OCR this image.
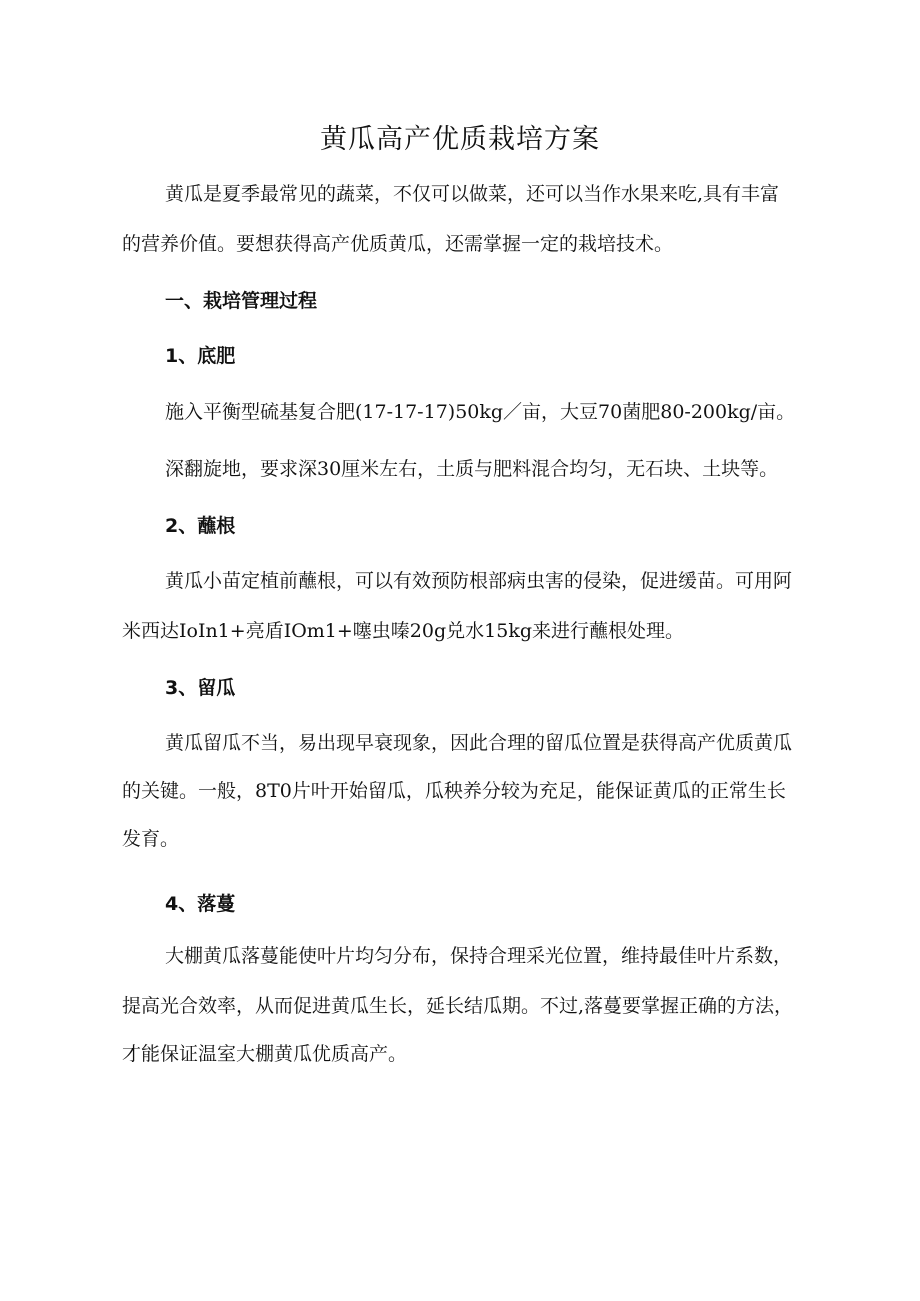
黄瓜高产优质栽培方案
黄瓜是夏季最常见的蔬菜，不仅可以做菜，还可以当作水果来吃,具有丰富
的营养价值。要想获得高产优质黄瓜，还需掌握一定的栽培技术。
一、栽培管理过程
1、底肥
施入平衡型硫基复合肥(17-17-17)50kg／亩，大豆70菌肥80-200kg/亩。
深翻旋地，要求深30厘米左右，土质与肥料混合均匀，无石块、土块等。
2、蘸根
黄瓜小苗定植前蘸根，可以有效预防根部病虫害的侵染，促进缓苗。可用阿
米西达IoIn1+亮盾IOm1+噻虫嗪20g兑水15kg来进行蘸根处理。
3、留瓜
黄瓜留瓜不当，易出现早衰现象，因此合理的留瓜位置是获得高产优质黄瓜
的关键。一般，8T0片叶开始留瓜，瓜秧养分较为充足，能保证黄瓜的正常生长
发育。
4、落蔓
大棚黄瓜落蔓能使叶片均匀分布，保持合理采光位置，维持最佳叶片系数，
提高光合效率，从而促进黄瓜生长，延长结瓜期。不过,落蔓要掌握正确的方法，
才能保证温室大棚黄瓜优质高产。
